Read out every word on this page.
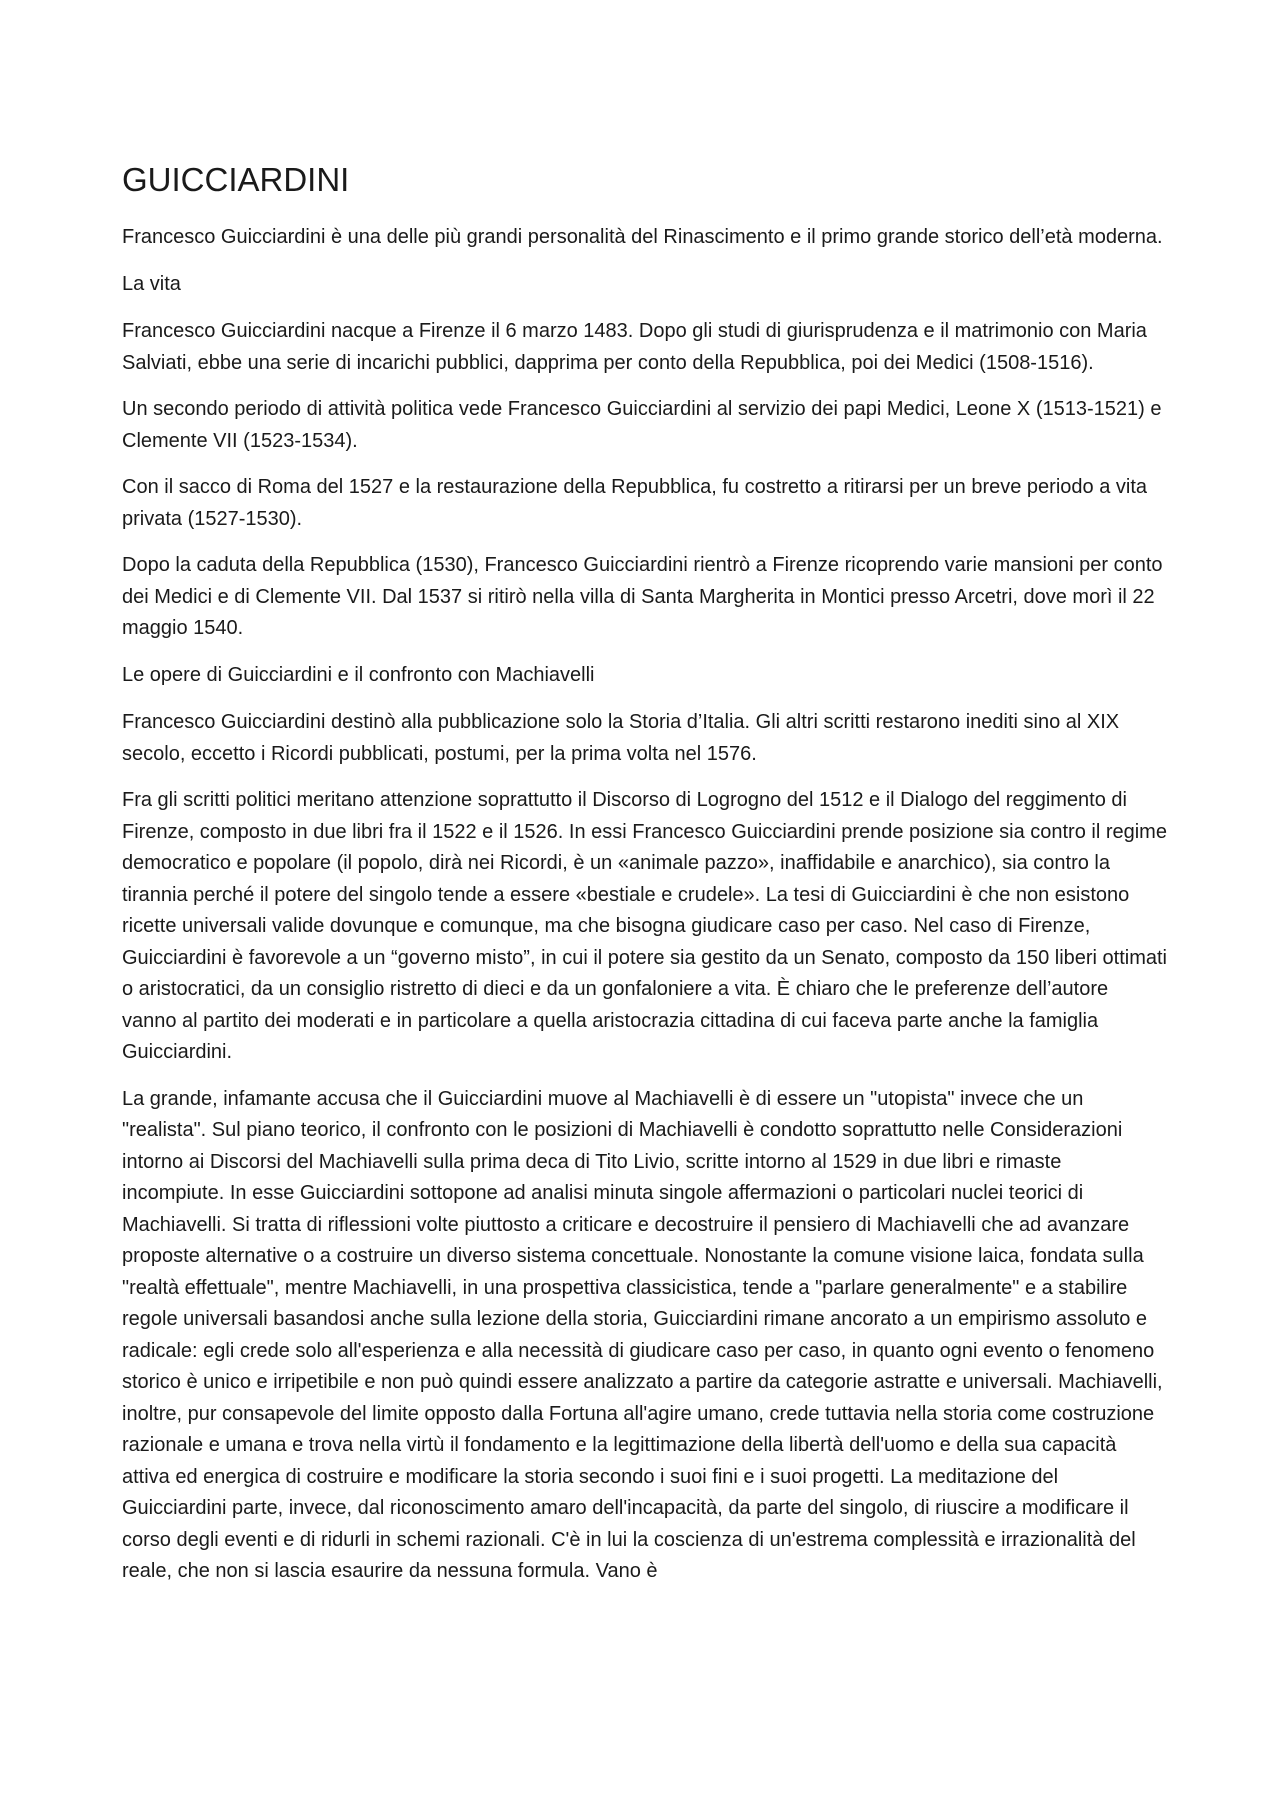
GUICCIARDINI

Francesco Guicciardini è una delle più grandi personalità del Rinascimento e il primo grande storico dell’età moderna.

La vita

Francesco Guicciardini nacque a Firenze il 6 marzo 1483. Dopo gli studi di giurisprudenza e il matrimonio con Maria Salviati, ebbe una serie di incarichi pubblici, dapprima per conto della Repubblica, poi dei Medici (1508-1516).

Un secondo periodo di attività politica vede Francesco Guicciardini al servizio dei papi Medici, Leone X (1513-1521) e Clemente VII (1523-1534).

Con il sacco di Roma del 1527 e la restaurazione della Repubblica, fu costretto a ritirarsi per un breve periodo a vita privata (1527-1530).

Dopo la caduta della Repubblica (1530), Francesco Guicciardini rientrò a Firenze ricoprendo varie mansioni per conto dei Medici e di Clemente VII. Dal 1537 si ritirò nella villa di Santa Margherita in Montici presso Arcetri, dove morì il 22 maggio 1540.

Le opere di Guicciardini e il confronto con Machiavelli

Francesco Guicciardini destinò alla pubblicazione solo la Storia d’Italia. Gli altri scritti restarono inediti sino al XIX secolo, eccetto i Ricordi pubblicati, postumi, per la prima volta nel 1576.

Fra gli scritti politici meritano attenzione soprattutto il Discorso di Logrogno del 1512 e il Dialogo del reggimento di Firenze, composto in due libri fra il 1522 e il 1526. In essi Francesco Guicciardini prende posizione sia contro il regime democratico e popolare (il popolo, dirà nei Ricordi, è un «animale pazzo», inaffidabile e anarchico), sia contro la tirannia perché il potere del singolo tende a essere «bestiale e crudele». La tesi di Guicciardini è che non esistono ricette universali valide dovunque e comunque, ma che bisogna giudicare caso per caso. Nel caso di Firenze, Guicciardini è favorevole a un “governo misto”, in cui il potere sia gestito da un Senato, composto da 150 liberi ottimati o aristocratici, da un consiglio ristretto di dieci e da un gonfaloniere a vita. È chiaro che le preferenze dell’autore vanno al partito dei moderati e in particolare a quella aristocrazia cittadina di cui faceva parte anche la famiglia Guicciardini.

La grande, infamante accusa che il Guicciardini muove al Machiavelli è di essere un "utopista" invece che un "realista". Sul piano teorico, il confronto con le posizioni di Machiavelli è condotto soprattutto nelle Considerazioni intorno ai Discorsi del Machiavelli sulla prima deca di Tito Livio, scritte intorno al 1529 in due libri e rimaste incompiute. In esse Guicciardini sottopone ad analisi minuta singole affermazioni o particolari nuclei teorici di Machiavelli. Si tratta di riflessioni volte piuttosto a criticare e decostruire il pensiero di Machiavelli che ad avanzare proposte alternative o a costruire un diverso sistema concettuale. Nonostante la comune visione laica, fondata sulla "realtà effettuale", mentre Machiavelli, in una prospettiva classicistica, tende a "parlare generalmente" e a stabilire regole universali basandosi anche sulla lezione della storia, Guicciardini rimane ancorato a un empirismo assoluto e radicale: egli crede solo all'esperienza e alla necessità di giudicare caso per caso, in quanto ogni evento o fenomeno storico è unico e irripetibile e non può quindi essere analizzato a partire da categorie astratte e universali. Machiavelli, inoltre, pur consapevole del limite opposto dalla Fortuna all'agire umano, crede tuttavia nella storia come costruzione razionale e umana e trova nella virtù il fondamento e la legittimazione della libertà dell'uomo e della sua capacità attiva ed energica di costruire e modificare la storia secondo i suoi fini e i suoi progetti. La meditazione del Guicciardini parte, invece, dal riconoscimento amaro dell'incapacità, da parte del singolo, di riuscire a modificare il corso degli eventi e di ridurli in schemi razionali. C'è in lui la coscienza di un'estrema complessità e irrazionalità del reale, che non si lascia esaurire da nessuna formula. Vano è
